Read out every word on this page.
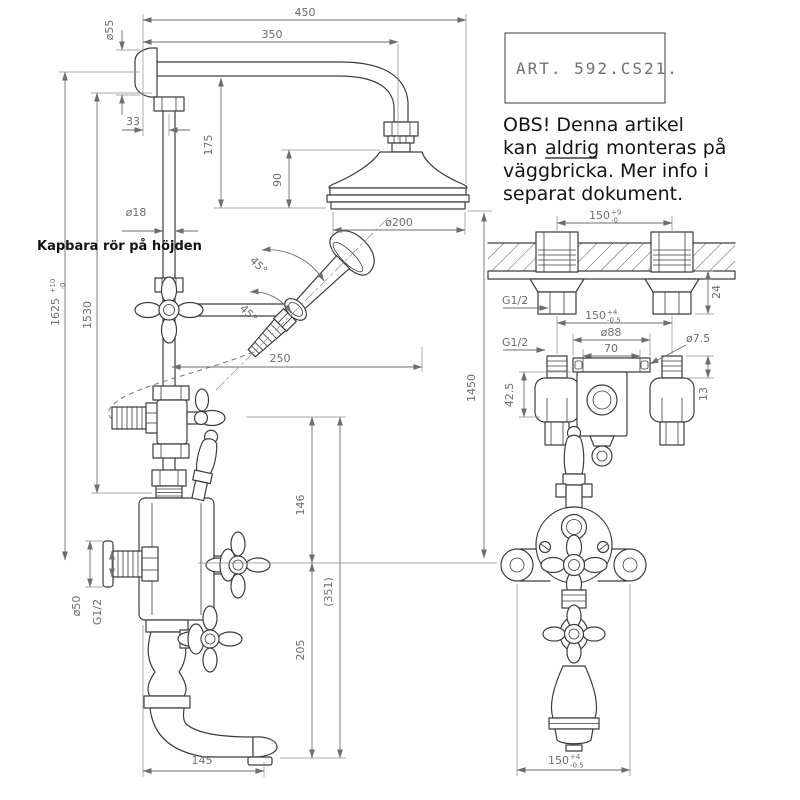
450
350
ø55
33
175
90
ø18
ø200
1625
+10 -0
1530
250
45°
45°
1450
146
205
(351)
ø50 G1/2
145
ART. 592.CS21.
OBS! Denna artikel
kan aldrig monteras på
väggbricka. Mer info i
separat dokument.
Kapbara rör på höjden
150 +9
-0
24
G1/2
150 +4
-0.5
ø88
70
G1/2	ø7.5
42.5	13
150 +4
-0.5
